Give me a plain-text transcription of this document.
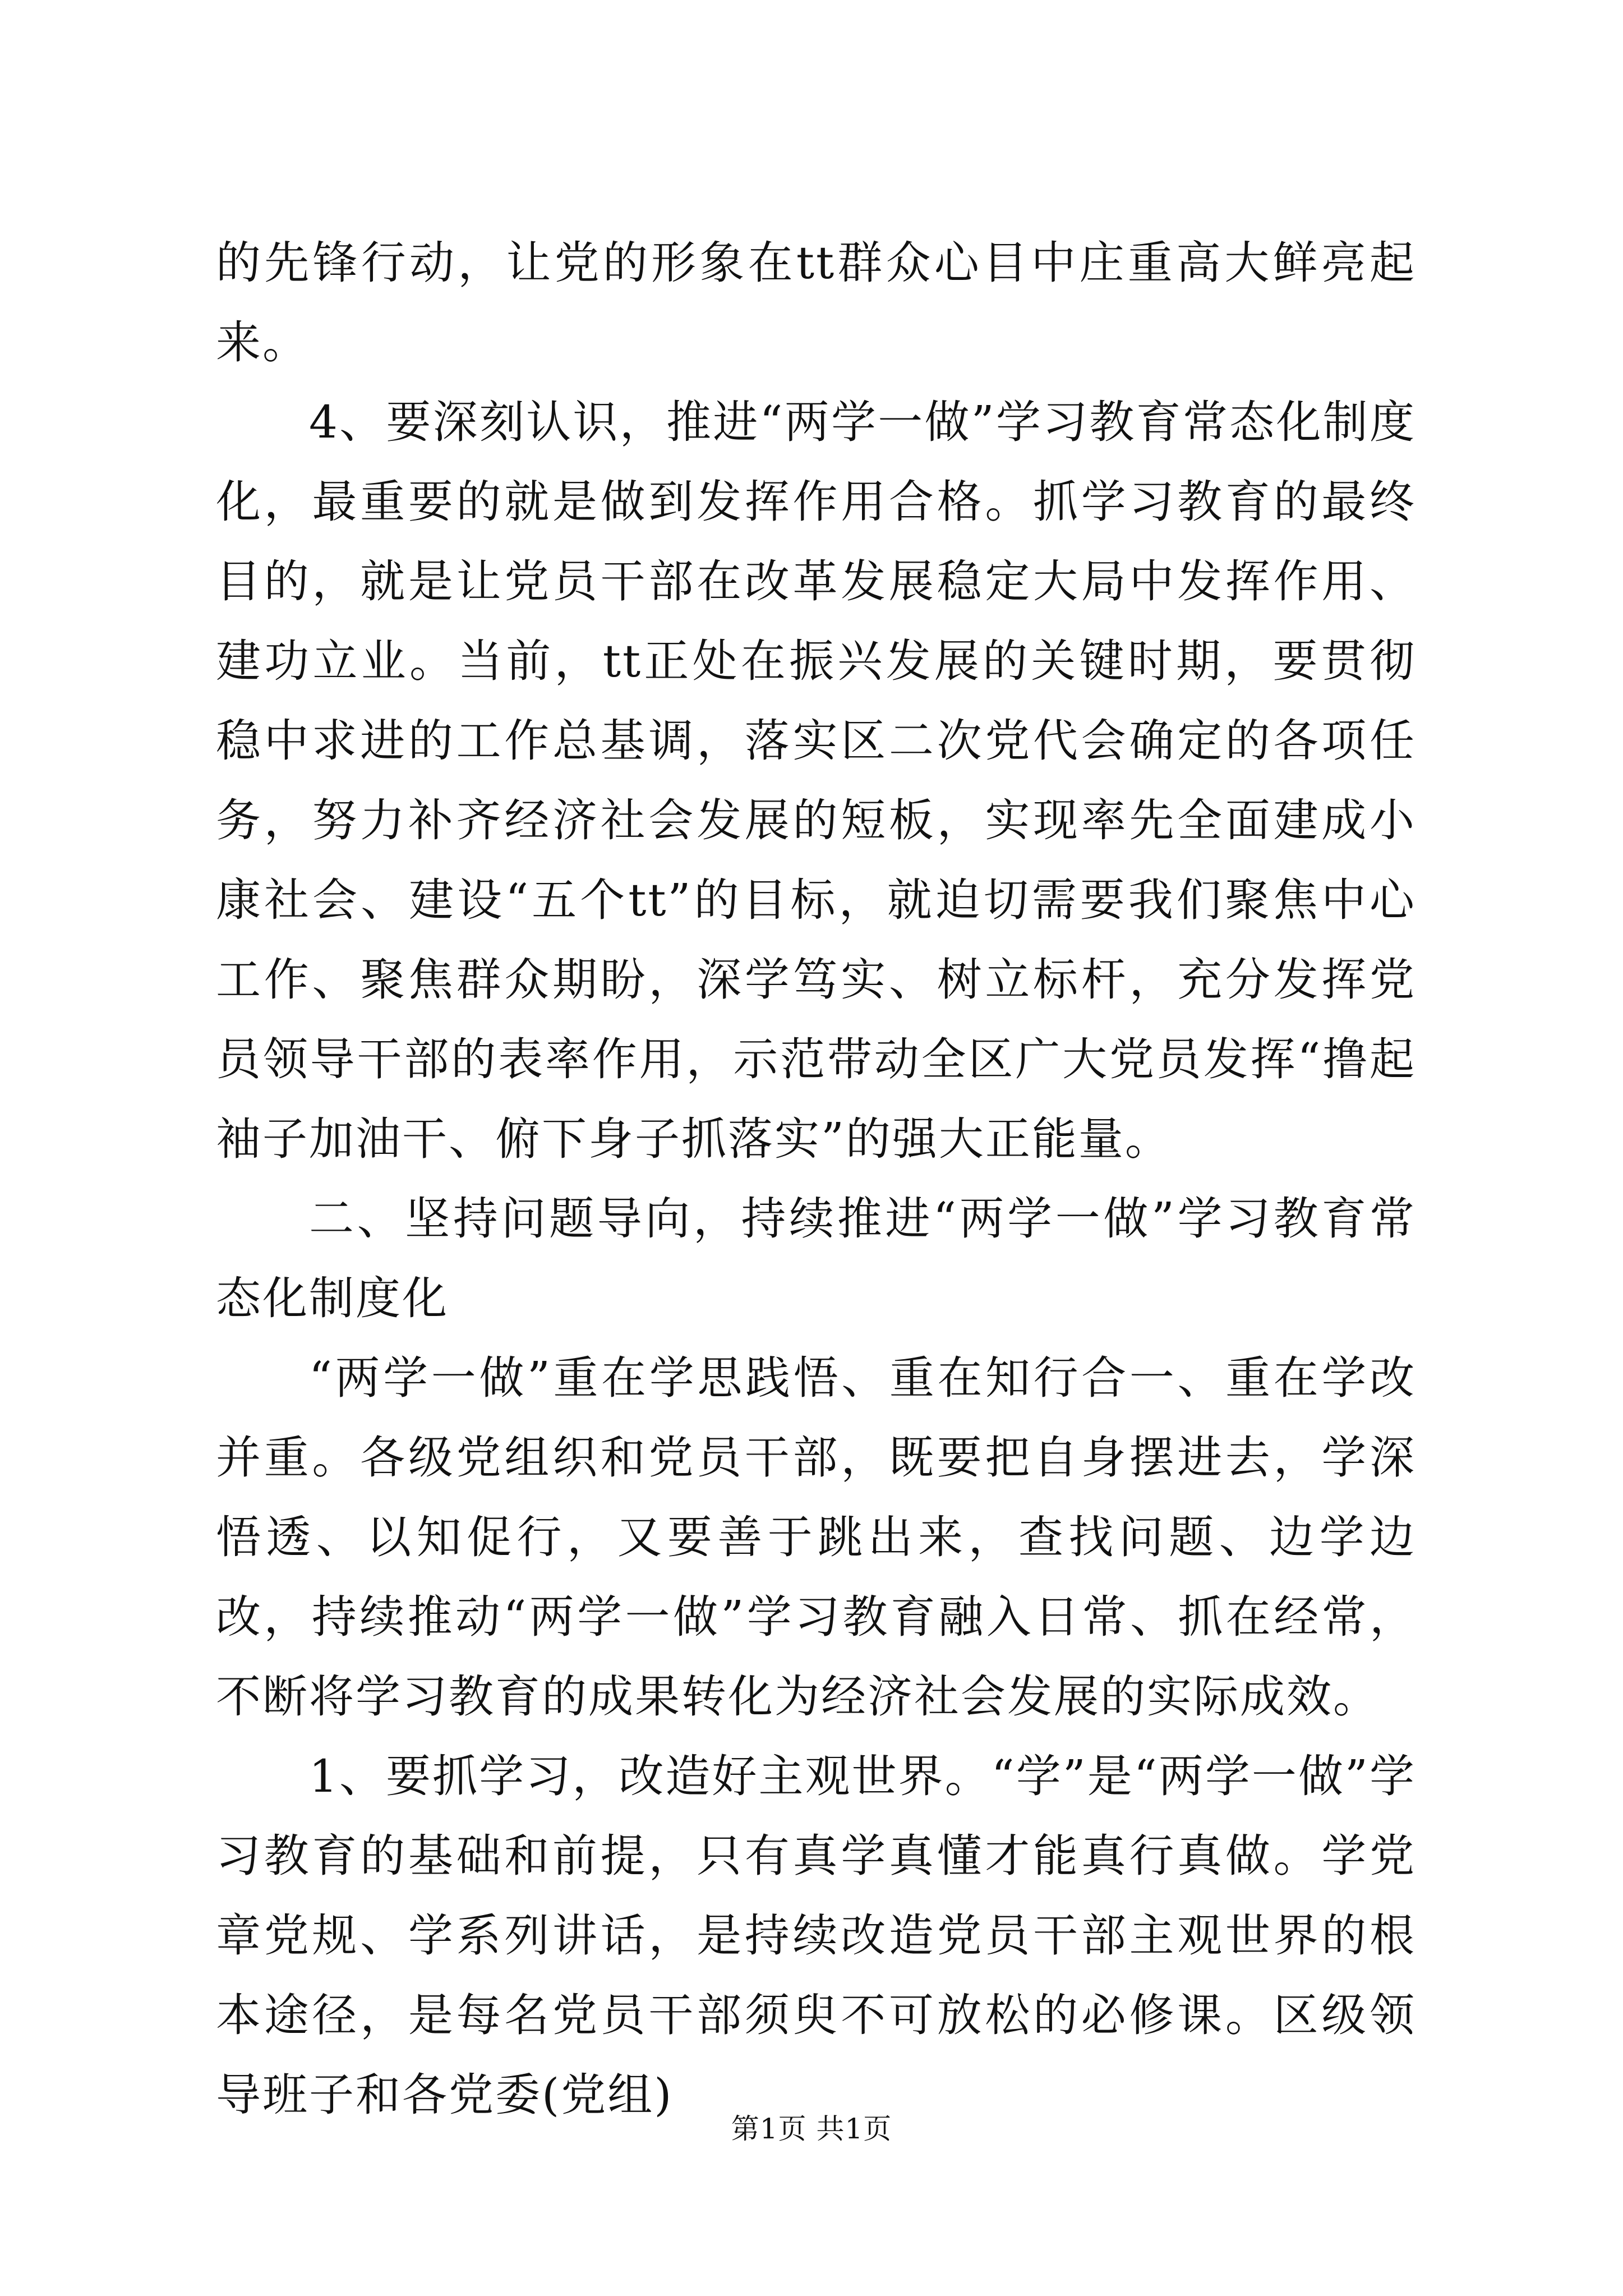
的先锋行动，让党的形象在tt群众心目中庄重高大鲜亮起来。

4、要深刻认识，推进“两学一做”学习教育常态化制度化，最重要的就是做到发挥作用合格。抓学习教育的最终目的，就是让党员干部在改革发展稳定大局中发挥作用、建功立业。当前，tt正处在振兴发展的关键时期，要贯彻稳中求进的工作总基调，落实区二次党代会确定的各项任务，努力补齐经济社会发展的短板，实现率先全面建成小康社会、建设“五个tt”的目标，就迫切需要我们聚焦中心工作、聚焦群众期盼，深学笃实、树立标杆，充分发挥党员领导干部的表率作用，示范带动全区广大党员发挥“撸起袖子加油干、俯下身子抓落实”的强大正能量。

二、坚持问题导向，持续推进“两学一做”学习教育常态化制度化

“两学一做”重在学思践悟、重在知行合一、重在学改并重。各级党组织和党员干部，既要把自身摆进去，学深悟透、以知促行，又要善于跳出来，查找问题、边学边改，持续推动“两学一做”学习教育融入日常、抓在经常，不断将学习教育的成果转化为经济社会发展的实际成效。

1、要抓学习，改造好主观世界。“学”是“两学一做”学习教育的基础和前提，只有真学真懂才能真行真做。学党章党规、学系列讲话，是持续改造党员干部主观世界的根本途径，是每名党员干部须臾不可放松的必修课。区级领导班子和各党委(党组)

第1页 共1页
